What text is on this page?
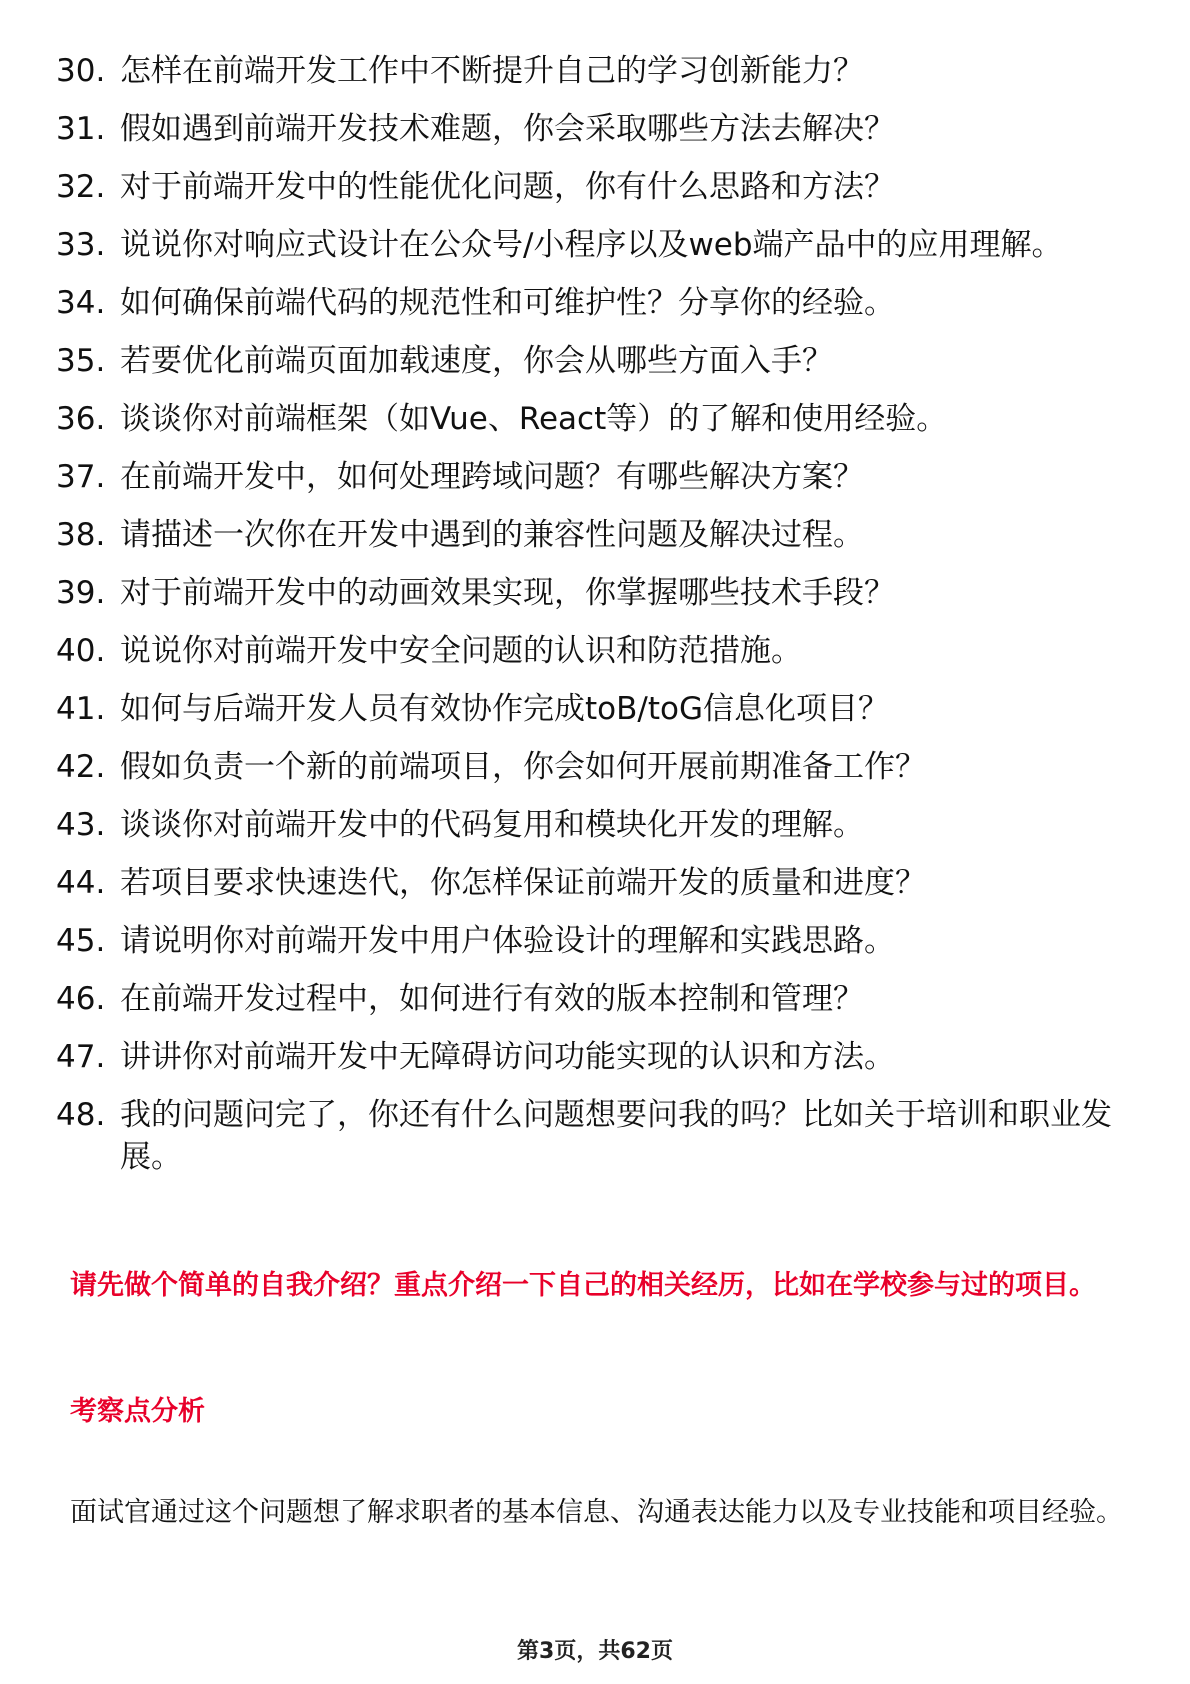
30. 怎样在前端开发工作中不断提升自己的学习创新能力？
31. 假如遇到前端开发技术难题，你会采取哪些方法去解决？
32. 对于前端开发中的性能优化问题，你有什么思路和方法？
33. 说说你对响应式设计在公众号/小程序以及web端产品中的应用理解。
34. 如何确保前端代码的规范性和可维护性？分享你的经验。
35. 若要优化前端页面加载速度，你会从哪些方面入手？
36. 谈谈你对前端框架（如Vue、React等）的了解和使用经验。
37. 在前端开发中，如何处理跨域问题？有哪些解决方案？
38. 请描述一次你在开发中遇到的兼容性问题及解决过程。
39. 对于前端开发中的动画效果实现，你掌握哪些技术手段？
40. 说说你对前端开发中安全问题的认识和防范措施。
41. 如何与后端开发人员有效协作完成toB/toG信息化项目？
42. 假如负责一个新的前端项目，你会如何开展前期准备工作？
43. 谈谈你对前端开发中的代码复用和模块化开发的理解。
44. 若项目要求快速迭代，你怎样保证前端开发的质量和进度？
45. 请说明你对前端开发中用户体验设计的理解和实践思路。
46. 在前端开发过程中，如何进行有效的版本控制和管理？
47. 讲讲你对前端开发中无障碍访问功能实现的认识和方法。
48. 我的问题问完了，你还有什么问题想要问我的吗？比如关于培训和职业发展。
请先做个简单的自我介绍？重点介绍一下自己的相关经历，比如在学校参与过的项目。
考察点分析
面试官通过这个问题想了解求职者的基本信息、沟通表达能力以及专业技能和项目经验。
第3页，共62页
